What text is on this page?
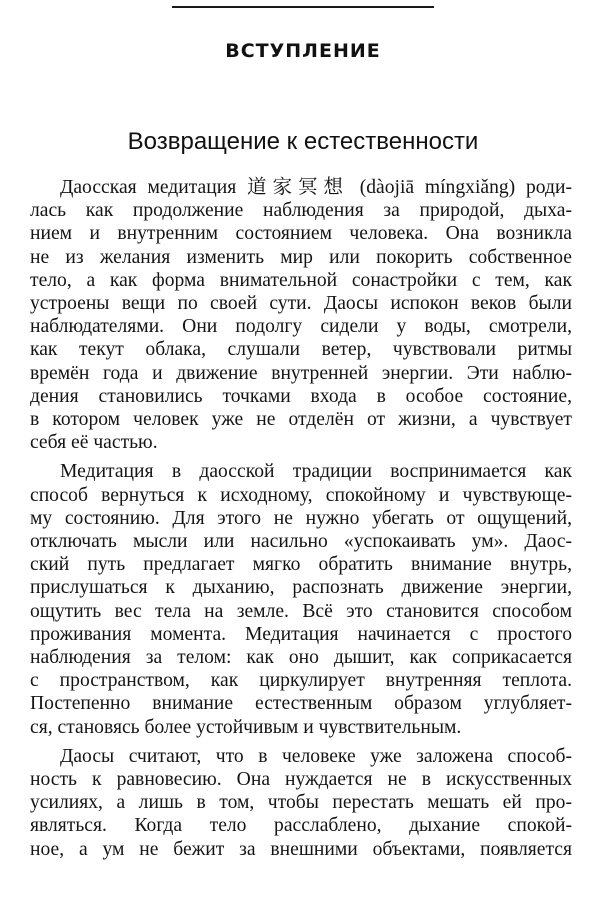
ВСТУПЛЕНИЕ
Возвращение к естественности
Даосская медитация 道家冥想 (dàojiā míngxiǎng) роди-
лась как продолжение наблюдения за природой, дыха-
нием и внутренним состоянием человека. Она возникла
не из желания изменить мир или покорить собственное
тело, а как форма внимательной сонастройки с тем, как
устроены вещи по своей сути. Даосы испокон веков были
наблюдателями. Они подолгу сидели у воды, смотрели,
как текут облака, слушали ветер, чувствовали ритмы
времён года и движение внутренней энергии. Эти наблю-
дения становились точками входа в особое состояние,
в котором человек уже не отделён от жизни, а чувствует
себя её частью.
Медитация в даосской традиции воспринимается как
способ вернуться к исходному, спокойному и чувствующе-
му состоянию. Для этого не нужно убегать от ощущений,
отключать мысли или насильно «успокаивать ум». Даос-
ский путь предлагает мягко обратить внимание внутрь,
прислушаться к дыханию, распознать движение энергии,
ощутить вес тела на земле. Всё это становится способом
проживания момента. Медитация начинается с простого
наблюдения за телом: как оно дышит, как соприкасается
с пространством, как циркулирует внутренняя теплота.
Постепенно внимание естественным образом углубляет-
ся, становясь более устойчивым и чувствительным.
Даосы считают, что в человеке уже заложена способ-
ность к равновесию. Она нуждается не в искусственных
усилиях, а лишь в том, чтобы перестать мешать ей про-
являться. Когда тело расслаблено, дыхание спокой-
ное, а ум не бежит за внешними объектами, появляется
